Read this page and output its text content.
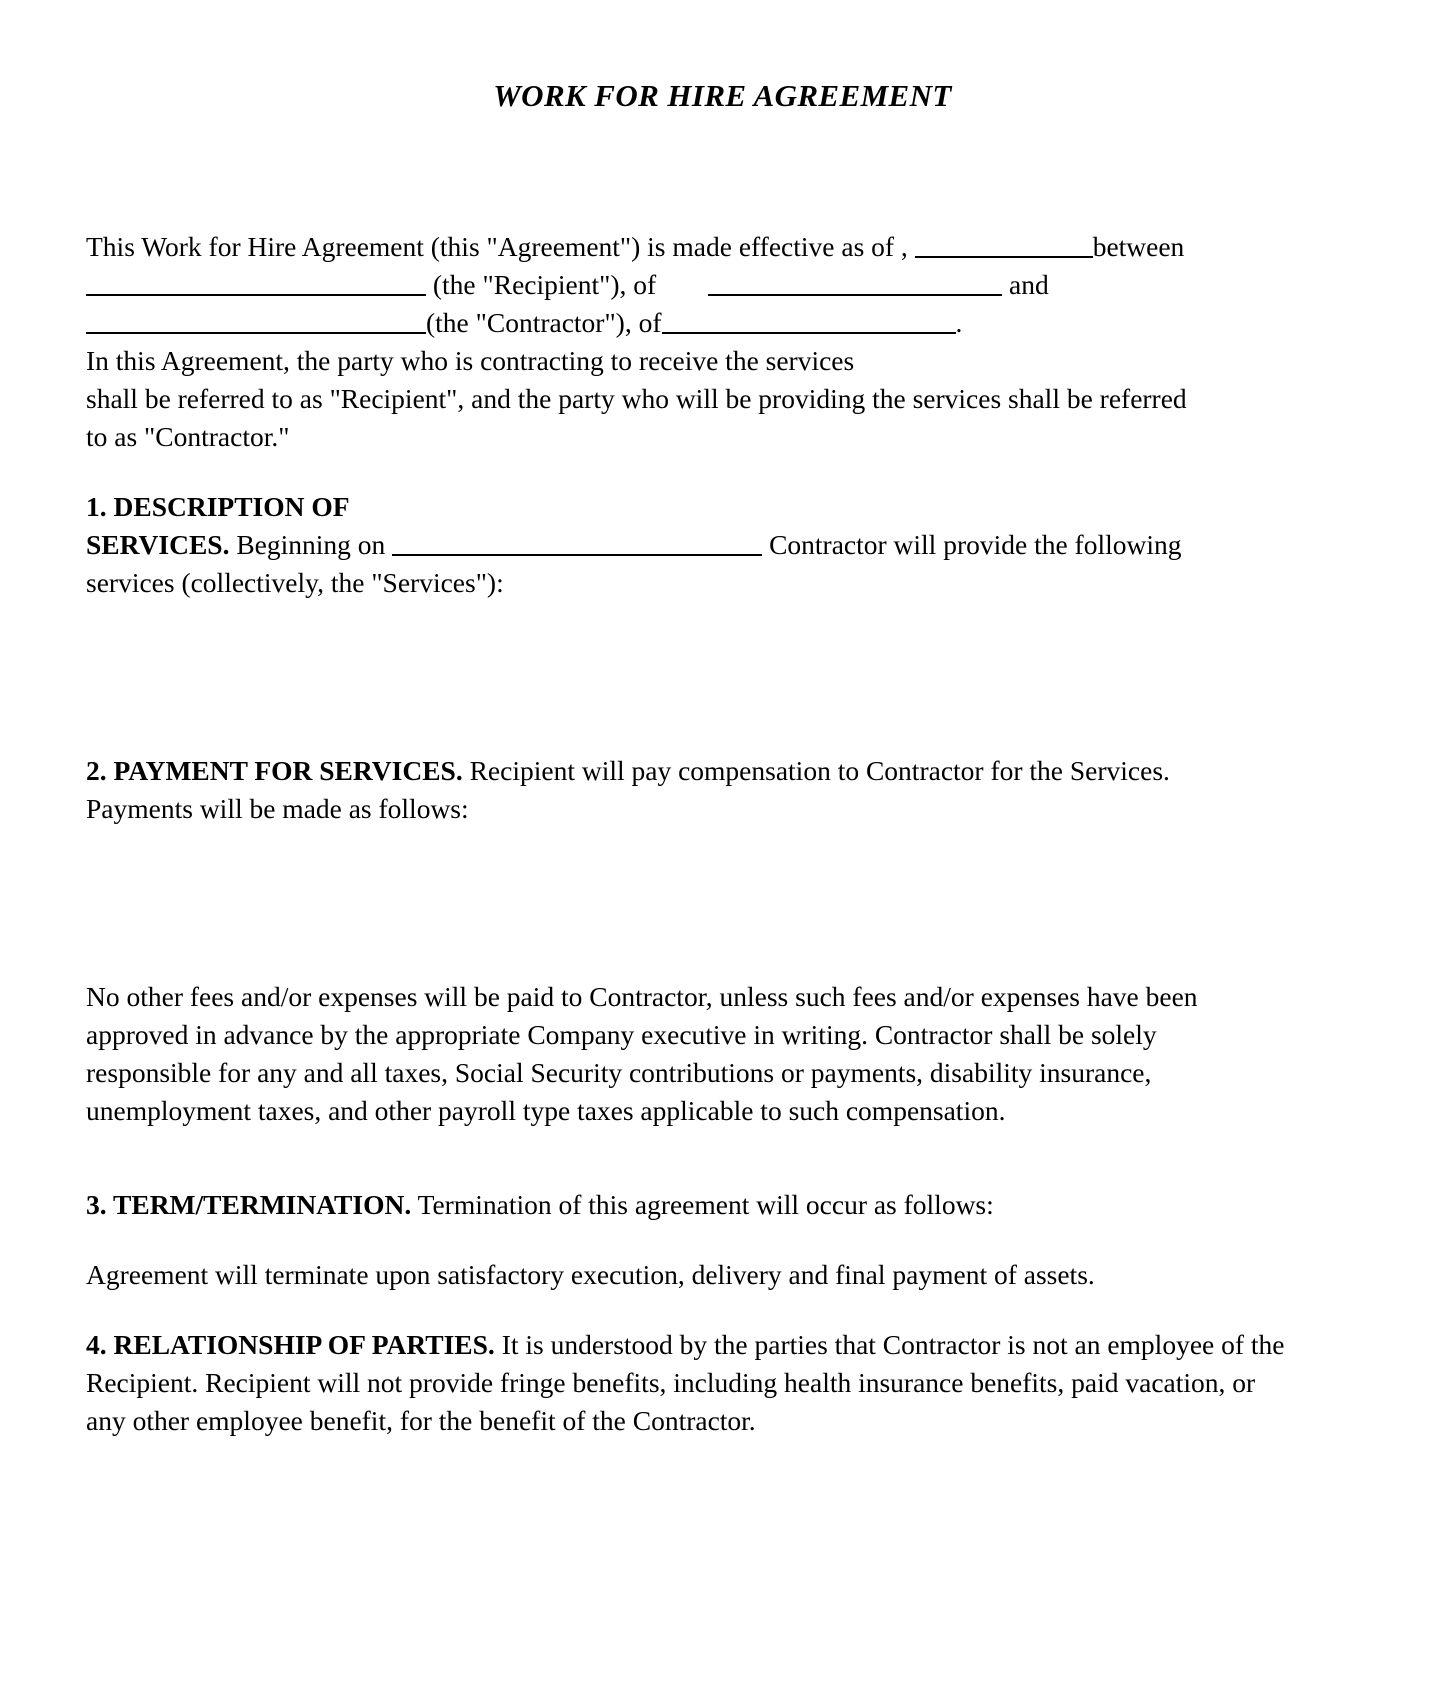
WORK FOR HIRE AGREEMENT

This Work for Hire Agreement (this "Agreement") is made effective as of ,	between

(the "Recipient"), of	and

(the "Contractor"), of	.

In this Agreement, the party who is contracting to receive the services

shall be referred to as "Recipient", and the party who will be providing the services shall be referred

to as "Contractor."

1. DESCRIPTION OF

SERVICES. Beginning on	Contractor will provide the following

services (collectively, the "Services"):

2. PAYMENT FOR SERVICES. Recipient will pay compensation to Contractor for the Services.

Payments will be made as follows:

No other fees and/or expenses will be paid to Contractor, unless such fees and/or expenses have been approved in advance by the appropriate Company executive in writing. Contractor shall be solely responsible for any and all taxes, Social Security contributions or payments, disability insurance, unemployment taxes, and other payroll type taxes applicable to such compensation.

3. TERM/TERMINATION. Termination of this agreement will occur as follows:

Agreement will terminate upon satisfactory execution, delivery and final payment of assets.

4. RELATIONSHIP OF PARTIES. It is understood by the parties that Contractor is not an employee of the Recipient. Recipient will not provide fringe benefits, including health insurance benefits, paid vacation, or any other employee benefit, for the benefit of the Contractor.
